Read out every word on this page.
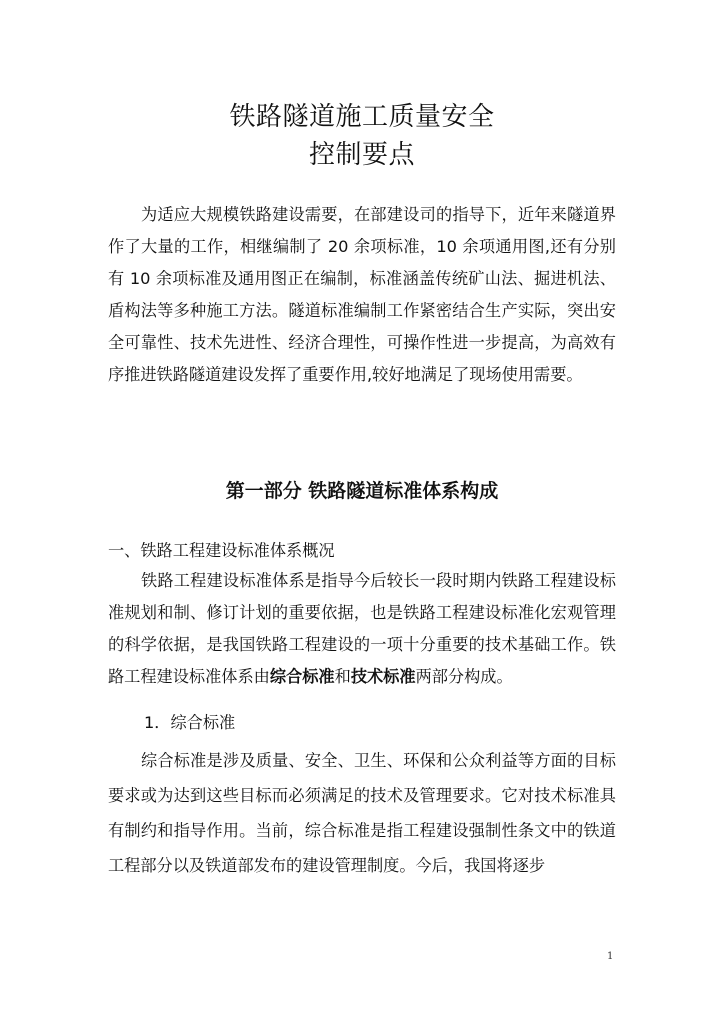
铁路隧道施工质量安全
控制要点

为适应大规模铁路建设需要，在部建设司的指导下，近年来隧道界作了大量的工作，相继编制了 20 余项标准，10 余项通用图,还有分别有 10 余项标准及通用图正在编制，标准涵盖传统矿山法、掘进机法、盾构法等多种施工方法。隧道标准编制工作紧密结合生产实际，突出安全可靠性、技术先进性、经济合理性，可操作性进一步提高，为高效有序推进铁路隧道建设发挥了重要作用,较好地满足了现场使用需要。

第一部分 铁路隧道标准体系构成
一、铁路工程建设标准体系概况

铁路工程建设标准体系是指导今后较长一段时期内铁路工程建设标准规划和制、修订计划的重要依据，也是铁路工程建设标准化宏观管理的科学依据，是我国铁路工程建设的一项十分重要的技术基础工作。铁路工程建设标准体系由综合标准和技术标准两部分构成。

1．综合标准

综合标准是涉及质量、安全、卫生、环保和公众利益等方面的目标要求或为达到这些目标而必须满足的技术及管理要求。它对技术标准具有制约和指导作用。当前，综合标准是指工程建设强制性条文中的铁道工程部分以及铁道部发布的建设管理制度。今后，我国将逐步

1
